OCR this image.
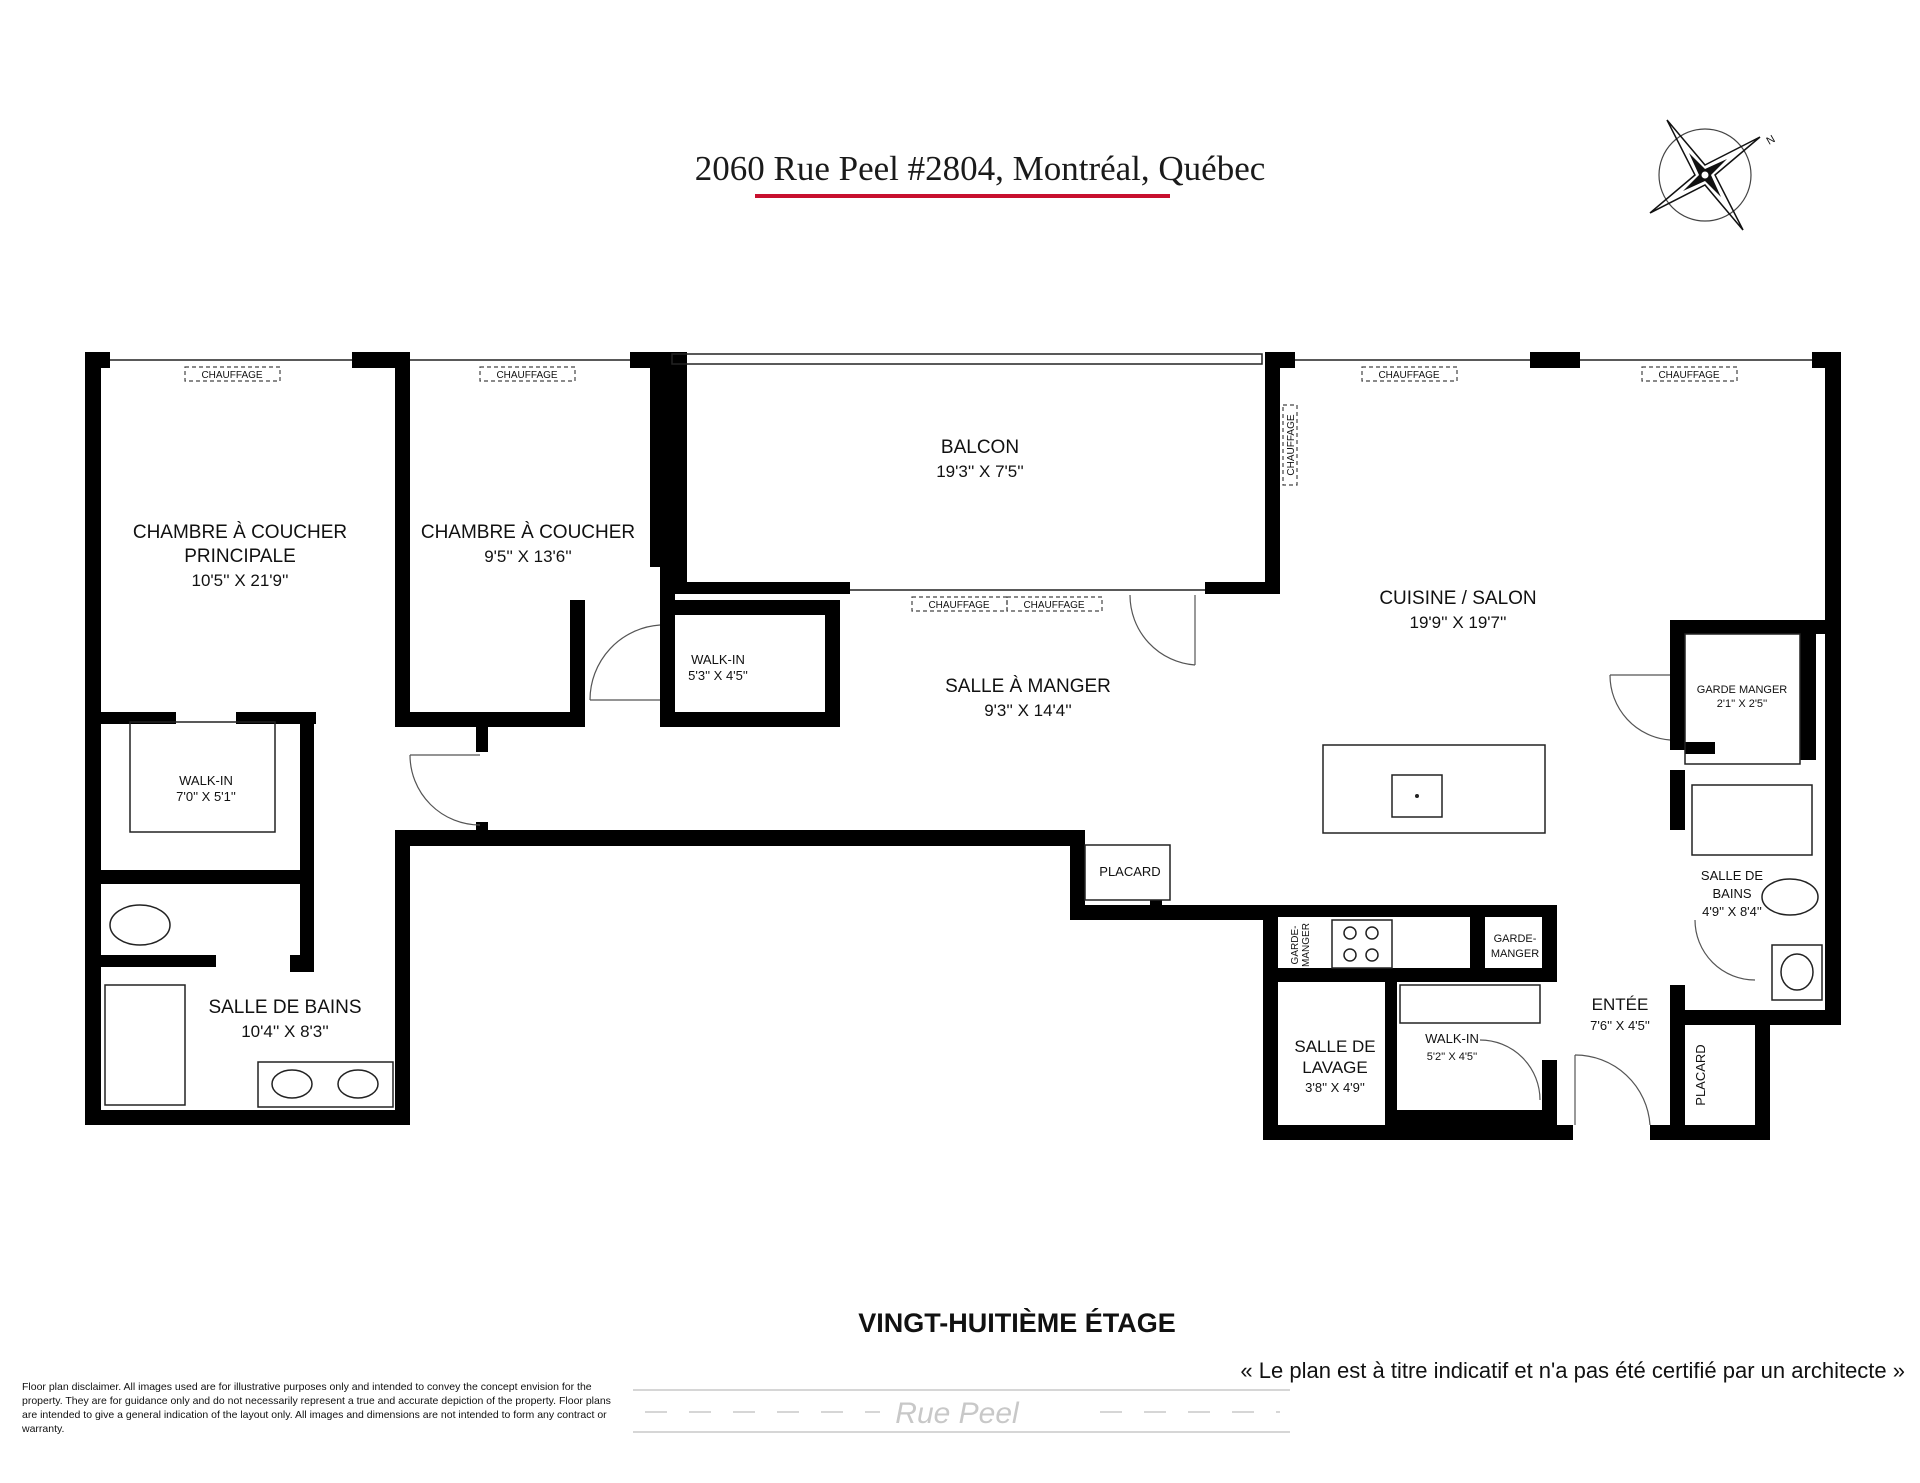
2060 Rue Peel #2804, Montréal, Québec
N
CHAUFFAGE	CHAUFFAGE	CHAUFFAGE	CHAUFFAGE
CHAUFFAGE	CHAUFFAGE
CHAUFFAGE
CHAMBRE À COUCHER
PRINCIPALE
10'5'' X 21'9''
CHAMBRE À COUCHER
9'5'' X 13'6''
BALCON
19'3'' X 7'5''
CUISINE / SALON
19'9'' X 19'7''
WALK-IN
5'3'' X 4'5''
SALLE À MANGER
9'3'' X 14'4''
WALK-IN
7'0'' X 5'1''
GARDE MANGER
2'1'' X 2'5''
SALLE DE BAINS
10'4'' X 8'3''
SALLE DE
BAINS
4'9'' X 8'4''
PLACARD
GARDE- MANGER	GARDE-
MANGER
SALLE DE
LAVAGE
3'8'' X 4'9''
WALK-IN
5'2'' X 4'5''
ENTÉE
7'6'' X 4'5''
PLACARD
VINGT-HUITIÈME ÉTAGE
Rue Peel
« Le plan est à titre indicatif et n'a pas été certifié par un architecte »
Floor plan disclaimer. All images used are for illustrative purposes only and intended to convey the concept envision for the property. They are for guidance only and do not necessarily represent a true and accurate depiction of the property. Floor plans are intended to give a general indication of the layout only. All images and dimensions are not intended to form any contract or warranty.
